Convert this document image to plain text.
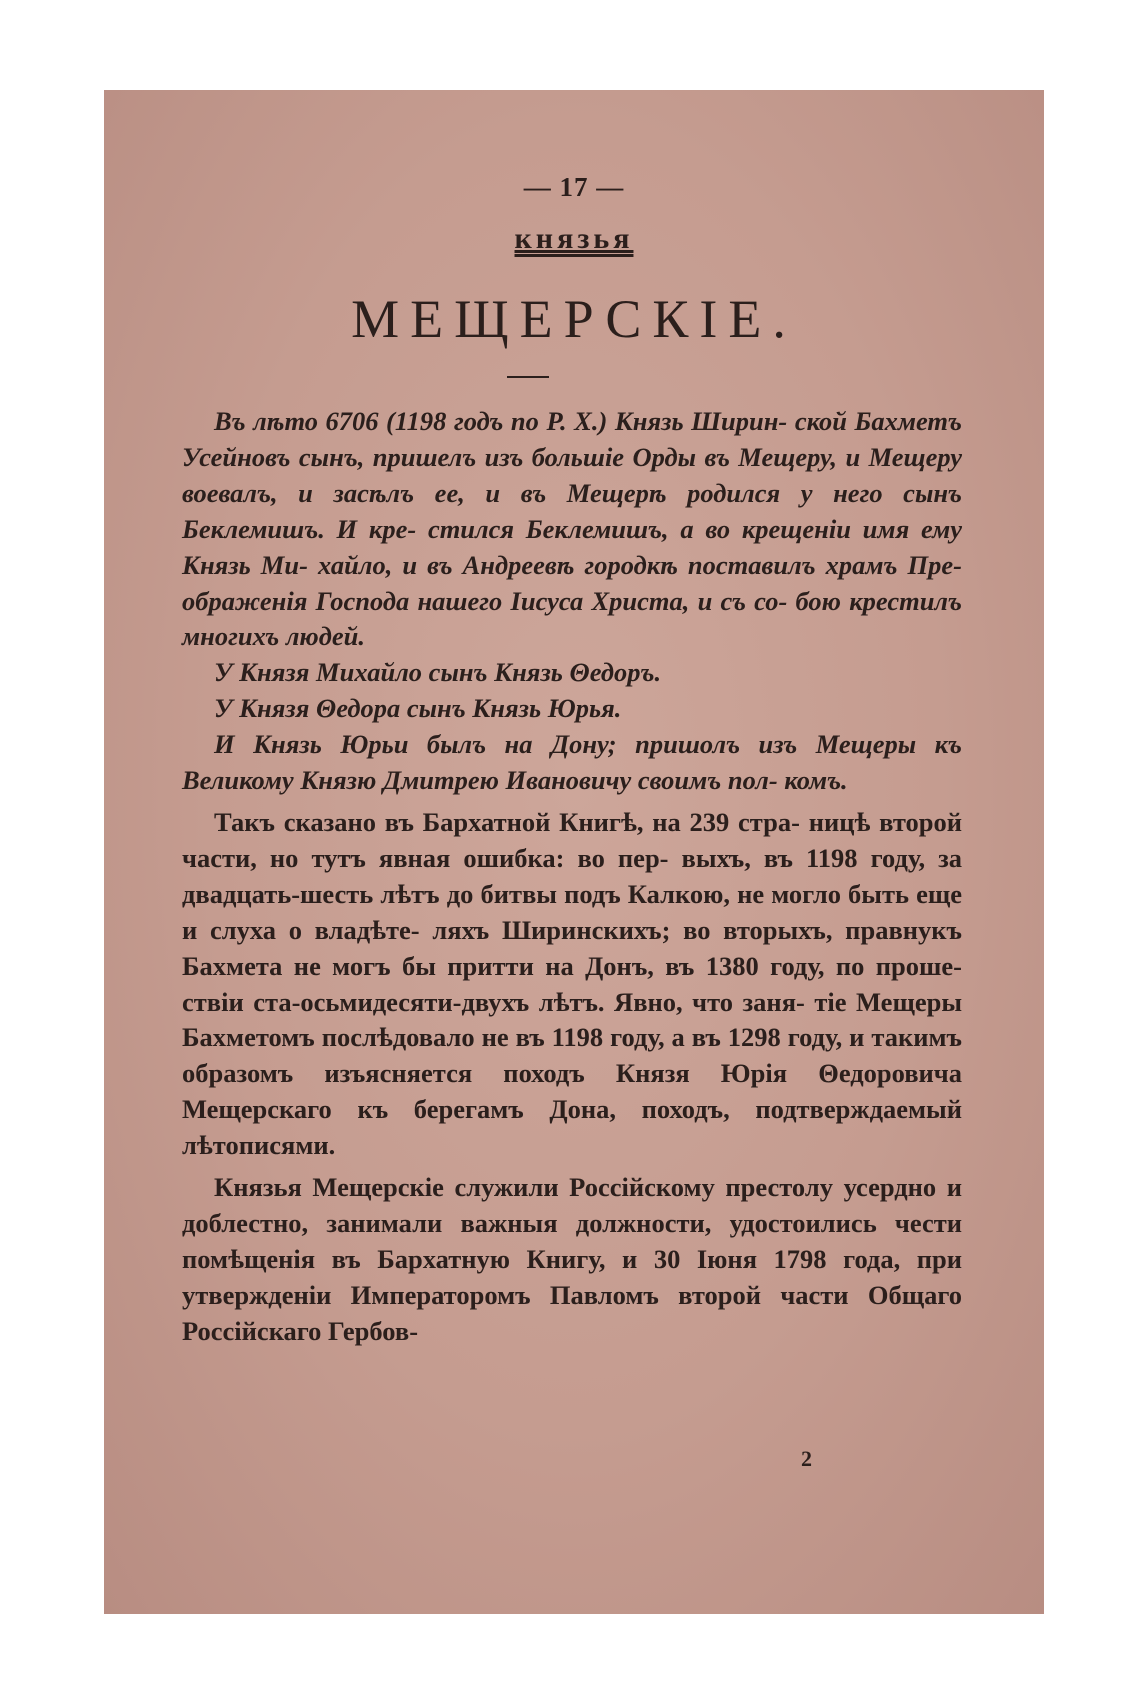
— 17 —
князья
МЕЩЕРСКIЕ.

Въ лѣто 6706 (1198 годъ по Р. Х.) Князь Ширин- ской Бахметъ Усейновъ сынъ, пришелъ изъ большiе Орды въ Мещеру, и Мещеру воевалъ, и засѣлъ ее, и въ Мещерѣ родился у него сынъ Беклемишъ. И кре- стился Беклемишъ, а во крещенiи имя ему Князь Ми- хайло, и въ Андреевѣ городкѣ поставилъ храмъ Пре- ображенiя Господа нашего Iисуса Христа, и съ со- бою крестилъ многихъ людей.

У Князя Михайло сынъ Князь Θедоръ.

У Князя Θедора сынъ Князь Юрья.

И Князь Юрьи былъ на Дону; пришолъ изъ Мещеры къ Великому Князю Дмитрею Ивановичу своимъ пол- комъ.

Такъ сказано въ Бархатной Книгѣ, на 239 стра- ницѣ второй части, но тутъ явная ошибка: во пер- выхъ, въ 1198 году, за двадцать-шесть лѣтъ до битвы подъ Калкою, не могло быть еще и слуха о владѣте- ляхъ Ширинскихъ; во вторыхъ, правнукъ Бахмета не могъ бы притти на Донъ, въ 1380 году, по проше- ствiи ста-осьмидесяти-двухъ лѣтъ. Явно, что заня- тiе Мещеры Бахметомъ послѣдовало не въ 1198 году, а въ 1298 году, и такимъ образомъ изъясняется походъ Князя Юрiя Θедоровича Мещерскаго къ берегамъ Дона, походъ, подтверждаемый лѣтописями.

Князья Мещерскiе служили Россiйскому престолу усердно и доблестно, занимали важныя должности, удостоились чести помѣщенiя въ Бархатную Книгу, и 30 Iюня 1798 года, при утвержденiи Императоромъ Павломъ второй части Общаго Россiйскаго Гербов-

2
